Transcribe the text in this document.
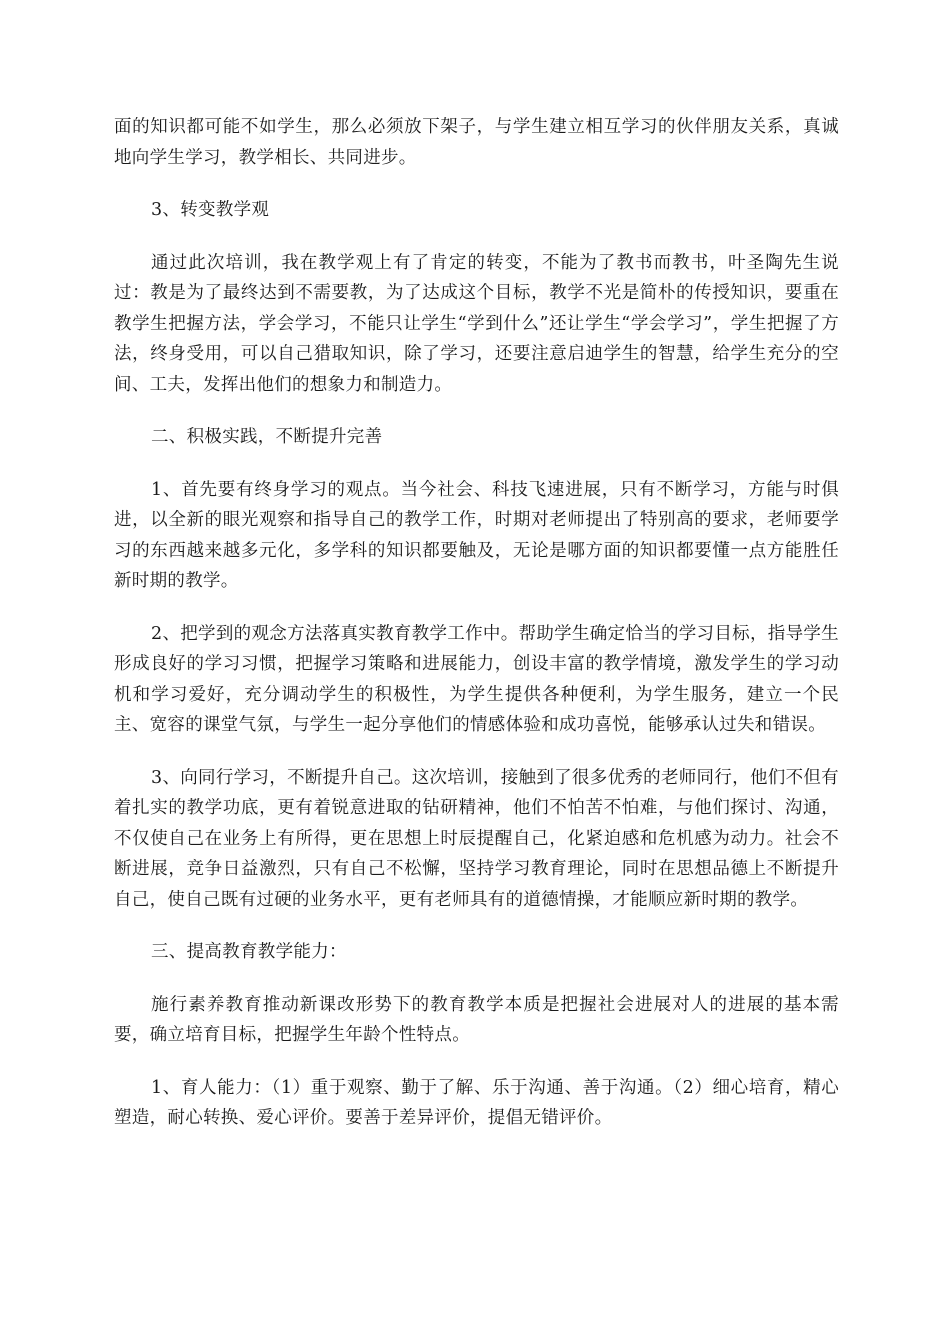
面的知识都可能不如学生，那么必须放下架子，与学生建立相互学习的伙伴朋友关系，真诚地向学生学习，教学相长、共同进步。

3、转变教学观

通过此次培训，我在教学观上有了肯定的转变，不能为了教书而教书，叶圣陶先生说过：教是为了最终达到不需要教，为了达成这个目标，教学不光是简朴的传授知识，要重在教学生把握方法，学会学习，不能只让学生“学到什么”还让学生“学会学习”，学生把握了方法，终身受用，可以自己猎取知识，除了学习，还要注意启迪学生的智慧，给学生充分的空间、工夫，发挥出他们的想象力和制造力。

二、积极实践，不断提升完善

1、首先要有终身学习的观点。当今社会、科技飞速进展，只有不断学习，方能与时俱进，以全新的眼光观察和指导自己的教学工作，时期对老师提出了特别高的要求，老师要学习的东西越来越多元化，多学科的知识都要触及，无论是哪方面的知识都要懂一点方能胜任新时期的教学。

2、把学到的观念方法落真实教育教学工作中。帮助学生确定恰当的学习目标，指导学生形成良好的学习习惯，把握学习策略和进展能力，创设丰富的教学情境，激发学生的学习动机和学习爱好，充分调动学生的积极性，为学生提供各种便利，为学生服务，建立一个民主、宽容的课堂气氛，与学生一起分享他们的情感体验和成功喜悦，能够承认过失和错误。

3、向同行学习，不断提升自己。这次培训，接触到了很多优秀的老师同行，他们不但有着扎实的教学功底，更有着锐意进取的钻研精神，他们不怕苦不怕难，与他们探讨、沟通，不仅使自己在业务上有所得，更在思想上时辰提醒自己，化紧迫感和危机感为动力。社会不断进展，竞争日益激烈，只有自己不松懈，坚持学习教育理论，同时在思想品德上不断提升自己，使自己既有过硬的业务水平，更有老师具有的道德情操，才能顺应新时期的教学。

三、提高教育教学能力：

施行素养教育推动新课改形势下的教育教学本质是把握社会进展对人的进展的基本需要，确立培育目标，把握学生年龄个性特点。

1、育人能力：（1）重于观察、勤于了解、乐于沟通、善于沟通。（2）细心培育，精心塑造，耐心转换、爱心评价。要善于差异评价，提倡无错评价。
